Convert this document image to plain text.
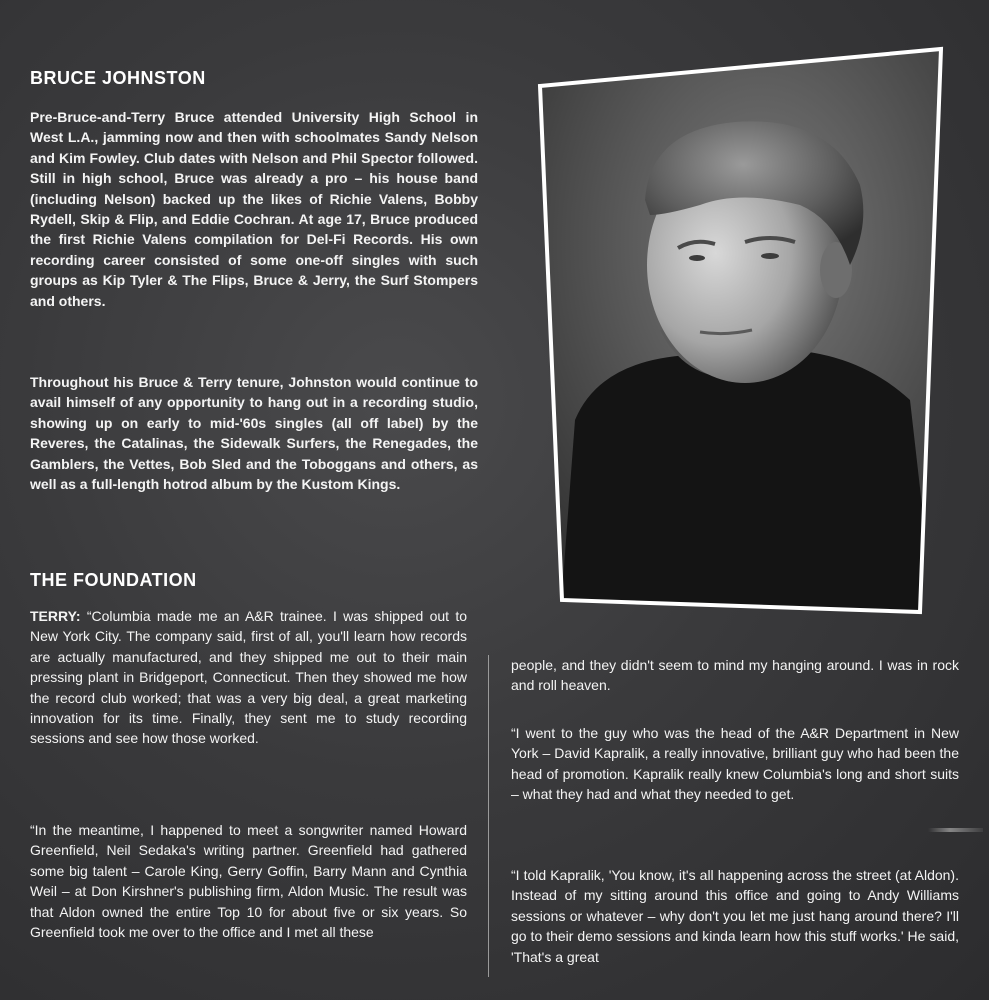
BRUCE JOHNSTON

Pre-Bruce-and-Terry Bruce attended University High School in West L.A., jamming now and then with schoolmates Sandy Nelson and Kim Fowley. Club dates with Nelson and Phil Spector followed. Still in high school, Bruce was already a pro – his house band (including Nelson) backed up the likes of Richie Valens, Bobby Rydell, Skip & Flip, and Eddie Cochran. At age 17, Bruce produced the first Richie Valens compilation for Del-Fi Records. His own recording career consisted of some one-off singles with such groups as Kip Tyler & The Flips, Bruce & Jerry, the Surf Stompers and others.

Throughout his Bruce & Terry tenure, Johnston would continue to avail himself of any opportunity to hang out in a recording studio, showing up on early to mid-'60s singles (all off label) by the Reveres, the Catalinas, the Sidewalk Surfers, the Renegades, the Gamblers, the Vettes, Bob Sled and the Toboggans and others, as well as a full-length hotrod album by the Kustom Kings.

THE FOUNDATION

TERRY: “Columbia made me an A&R trainee. I was shipped out to New York City. The company said, first of all, you'll learn how records are actually manufactured, and they shipped me out to their main pressing plant in Bridgeport, Connecticut. Then they showed me how the record club worked; that was a very big deal, a great marketing innovation for its time. Finally, they sent me to study recording sessions and see how those worked.

“In the meantime, I happened to meet a songwriter named Howard Greenfield, Neil Sedaka's writing partner. Greenfield had gathered some big talent – Carole King, Gerry Goffin, Barry Mann and Cynthia Weil – at Don Kirshner's publishing firm, Aldon Music. The result was that Aldon owned the entire Top 10 for about five or six years. So Greenfield took me over to the office and I met all these

people, and they didn't seem to mind my hanging around. I was in rock and roll heaven.

“I went to the guy who was the head of the A&R Department in New York – David Kapralik, a really innovative, brilliant guy who had been the head of promotion. Kapralik really knew Columbia's long and short suits – what they had and what they needed to get.

“I told Kapralik, 'You know, it's all happening across the street (at Aldon). Instead of my sitting around this office and going to Andy Williams sessions or whatever – why don't you let me just hang around there? I'll go to their demo sessions and kinda learn how this stuff works.' He said, 'That's a great
